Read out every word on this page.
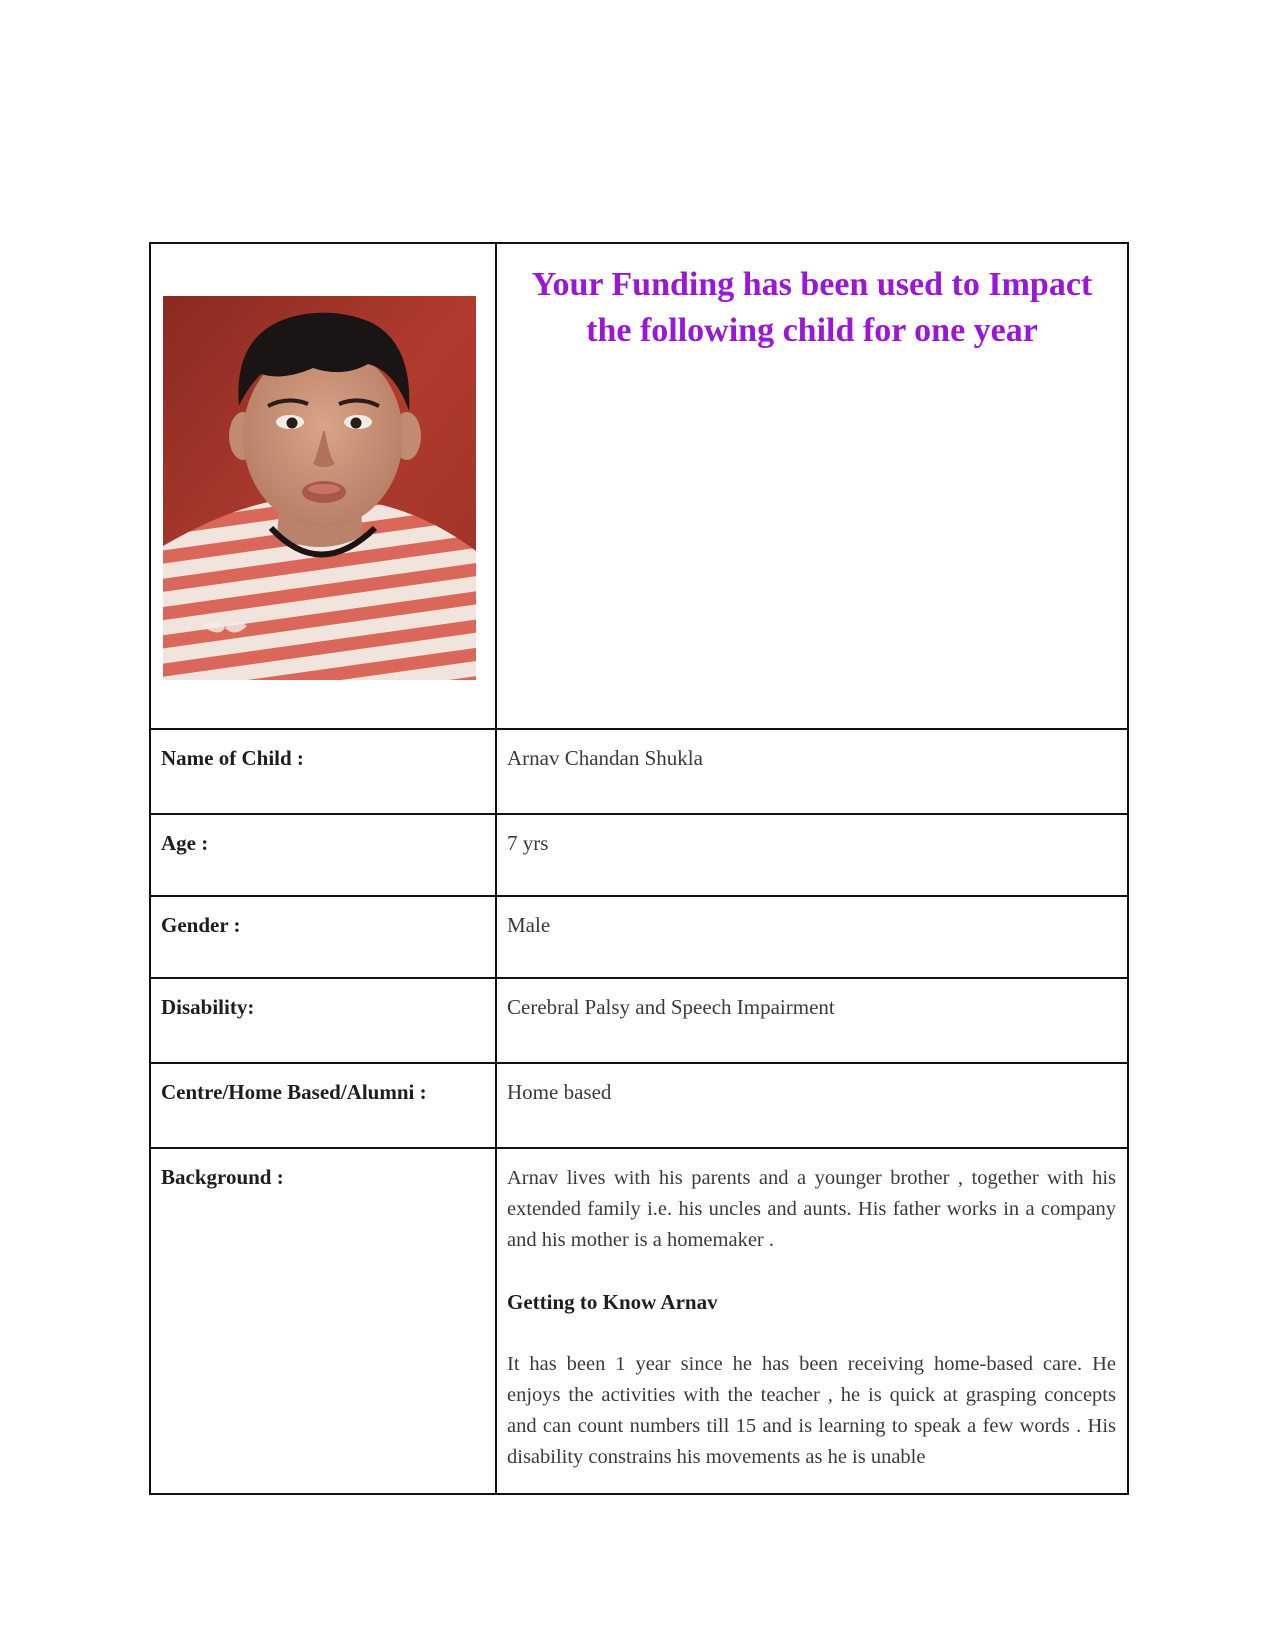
Your Funding has been used to Impact the following child for one year

Name of Child :	Arnav Chandan Shukla

Age :	7 yrs

Gender :	Male

Disability:	Cerebral Palsy and Speech Impairment

Centre/Home Based/Alumni :	Home based

Background :	Arnav lives with his parents and a younger brother , together with his extended family i.e. his uncles and aunts. His father works in a company and his mother is a homemaker .

Getting to Know Arnav

It has been 1 year since he has been receiving home-based care. He enjoys the activities with the teacher , he is quick at grasping concepts and can count numbers till 15 and is learning to speak a few words . His disability constrains his movements as he is unable
